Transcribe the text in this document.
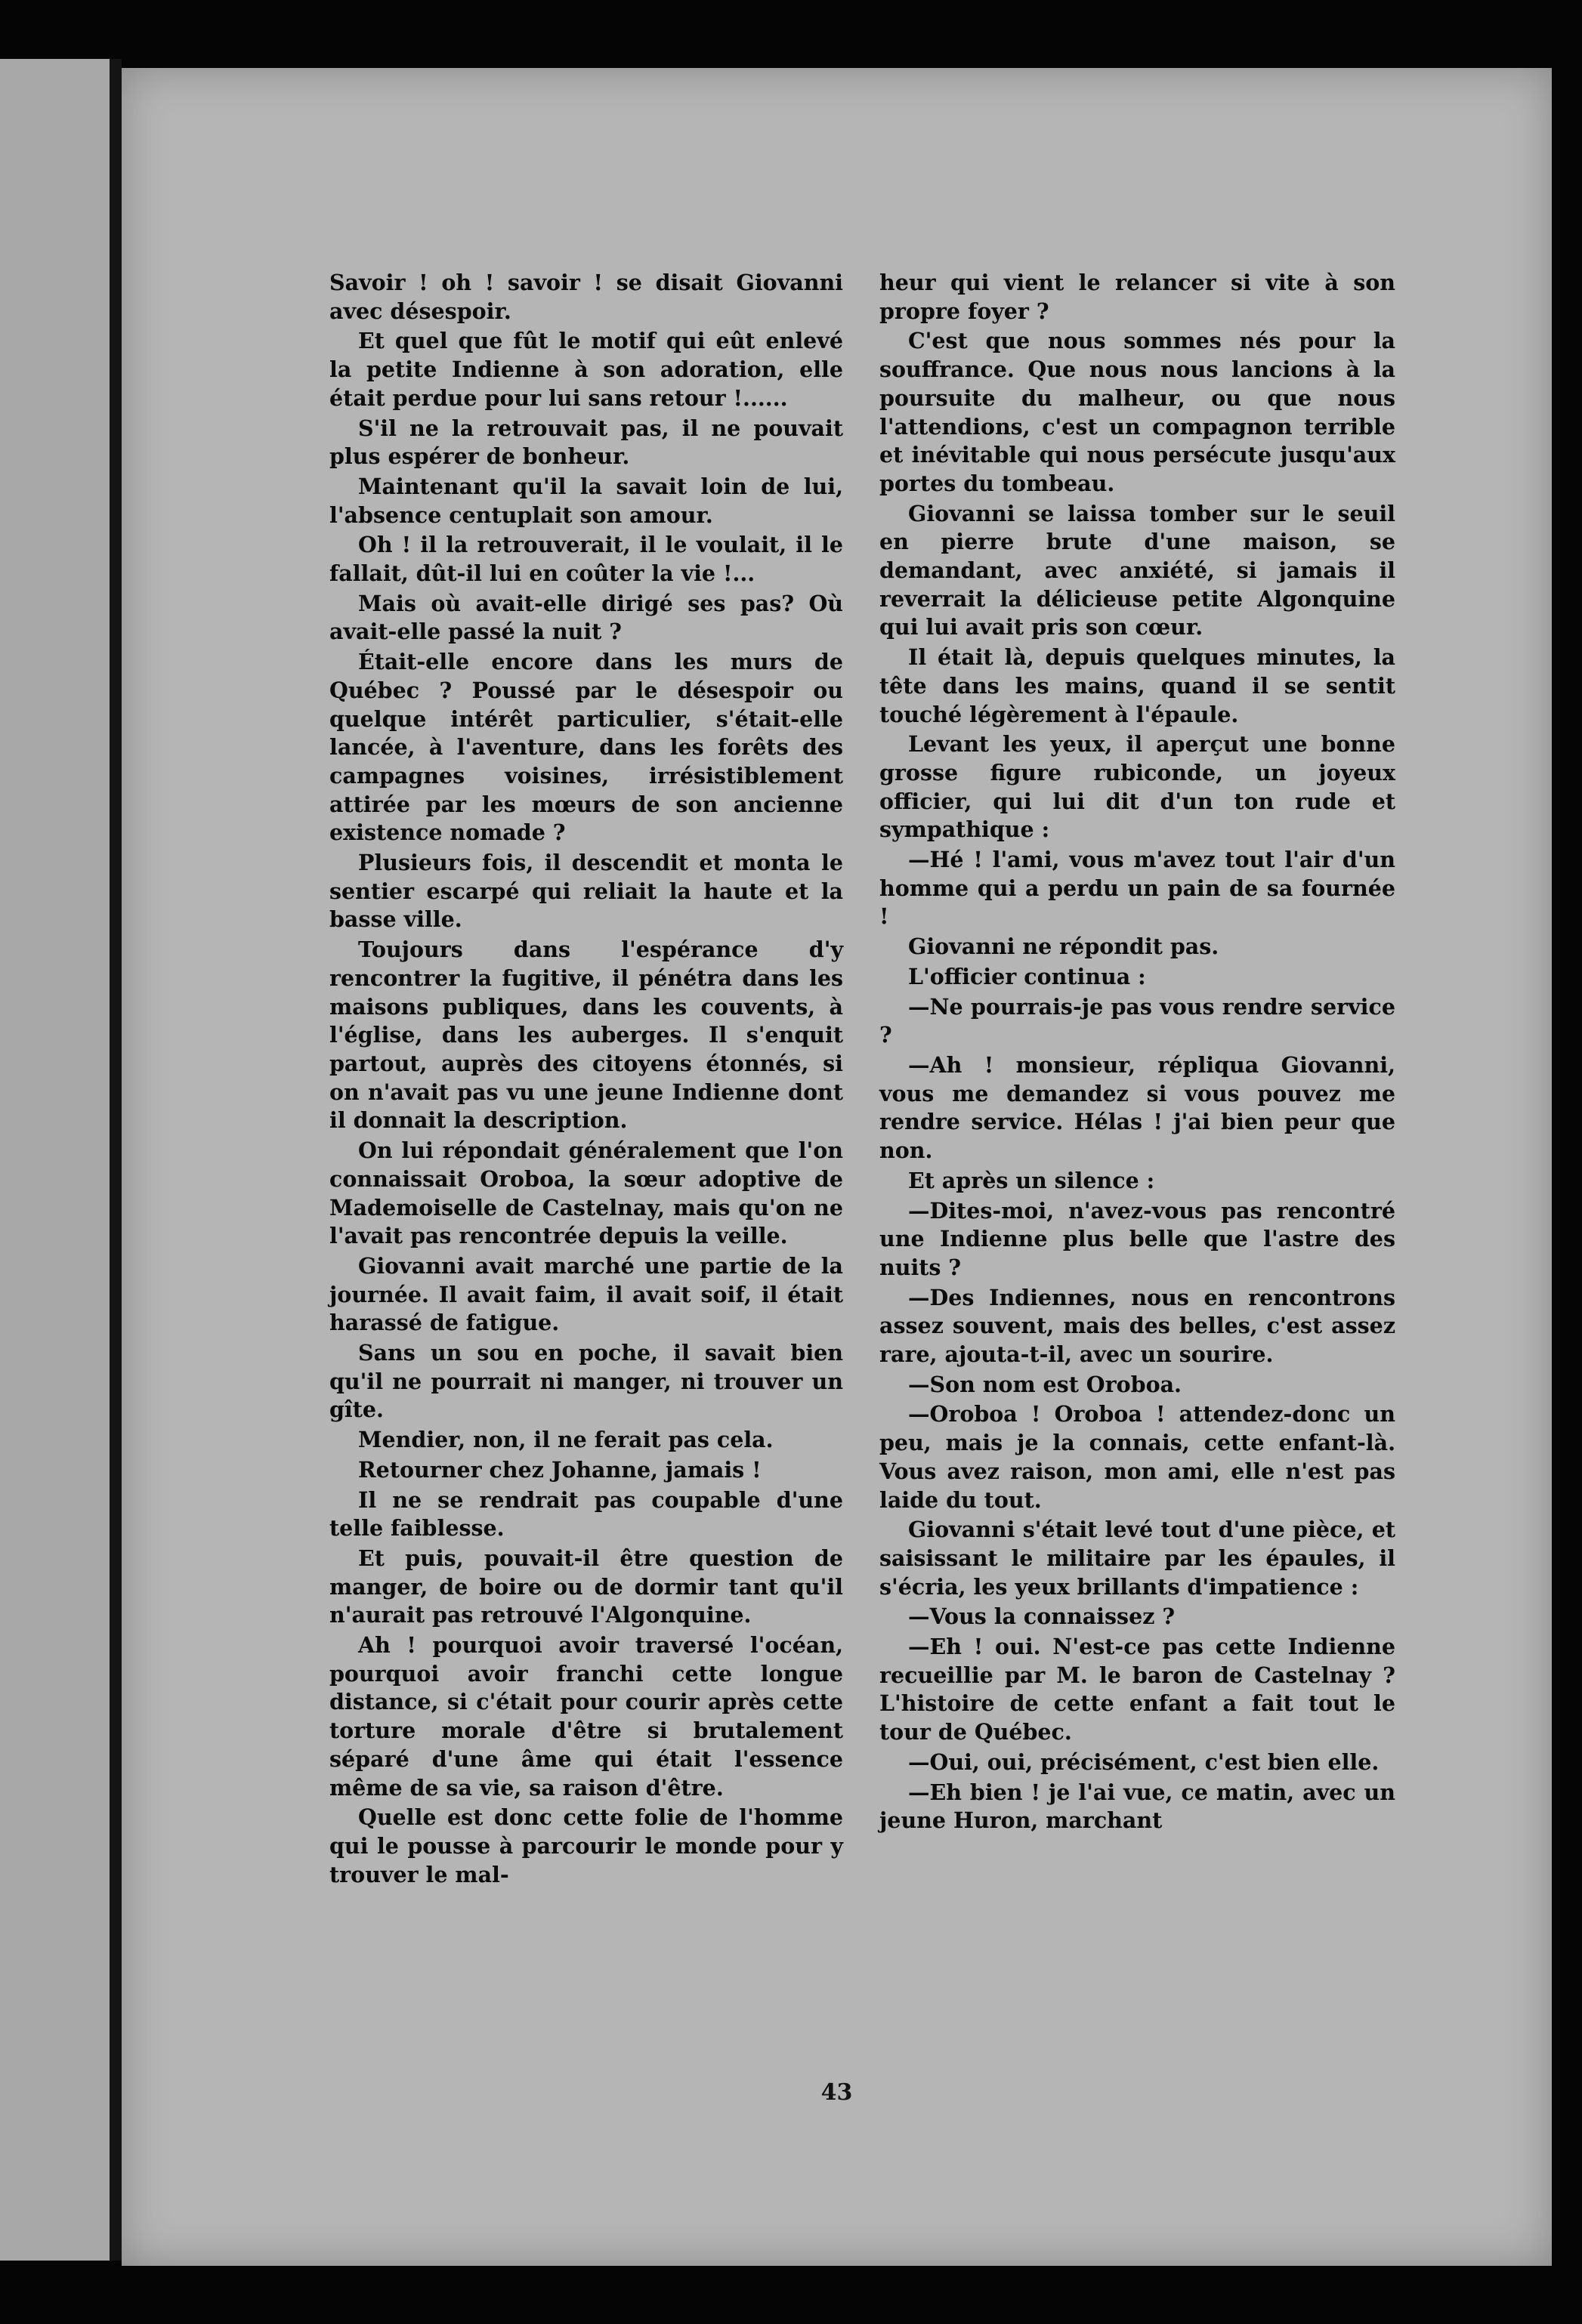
Savoir ! oh ! savoir ! se disait Giovanni avec désespoir.

Et quel que fût le motif qui eût enlevé la petite Indienne à son adoration, elle était perdue pour lui sans retour !......

S'il ne la retrouvait pas, il ne pouvait plus espérer de bonheur.

Maintenant qu'il la savait loin de lui, l'absence centuplait son amour.

Oh ! il la retrouverait, il le voulait, il le fallait, dût-il lui en coûter la vie !...

Mais où avait-elle dirigé ses pas? Où avait-elle passé la nuit ?

Était-elle encore dans les murs de Québec ? Poussé par le désespoir ou quelque intérêt particulier, s'était-elle lancée, à l'aventure, dans les forêts des campagnes voisines, irrésistiblement attirée par les mœurs de son ancienne existence nomade ?

Plusieurs fois, il descendit et monta le sentier escarpé qui reliait la haute et la basse ville.

Toujours dans l'espérance d'y rencontrer la fugitive, il pénétra dans les maisons publiques, dans les couvents, à l'église, dans les auberges. Il s'enquit partout, auprès des citoyens étonnés, si on n'avait pas vu une jeune Indienne dont il donnait la description.

On lui répondait généralement que l'on connaissait Oroboa, la sœur adoptive de Mademoiselle de Castelnay, mais qu'on ne l'avait pas rencontrée depuis la veille.

Giovanni avait marché une partie de la journée. Il avait faim, il avait soif, il était harassé de fatigue.

Sans un sou en poche, il savait bien qu'il ne pourrait ni manger, ni trouver un gîte.

Mendier, non, il ne ferait pas cela.

Retourner chez Johanne, jamais !

Il ne se rendrait pas coupable d'une telle faiblesse.

Et puis, pouvait-il être question de manger, de boire ou de dormir tant qu'il n'aurait pas retrouvé l'Algonquine.

Ah ! pourquoi avoir traversé l'océan, pourquoi avoir franchi cette longue distance, si c'était pour courir après cette torture morale d'être si brutalement séparé d'une âme qui était l'essence même de sa vie, sa raison d'être.

Quelle est donc cette folie de l'homme qui le pousse à parcourir le monde pour y trouver le mal-

heur qui vient le relancer si vite à son propre foyer ?

C'est que nous sommes nés pour la souffrance. Que nous nous lancions à la poursuite du malheur, ou que nous l'attendions, c'est un compagnon terrible et inévitable qui nous persécute jusqu'aux portes du tombeau.

Giovanni se laissa tomber sur le seuil en pierre brute d'une maison, se demandant, avec anxiété, si jamais il reverrait la délicieuse petite Algonquine qui lui avait pris son cœur.

Il était là, depuis quelques minutes, la tête dans les mains, quand il se sentit touché légèrement à l'épaule.

Levant les yeux, il aperçut une bonne grosse figure rubiconde, un joyeux officier, qui lui dit d'un ton rude et sympathique :

—Hé ! l'ami, vous m'avez tout l'air d'un homme qui a perdu un pain de sa fournée !

Giovanni ne répondit pas.

L'officier continua :

—Ne pourrais-je pas vous rendre service ?

—Ah ! monsieur, répliqua Giovanni, vous me demandez si vous pouvez me rendre service. Hélas ! j'ai bien peur que non.

Et après un silence :

—Dites-moi, n'avez-vous pas rencontré une Indienne plus belle que l'astre des nuits ?

—Des Indiennes, nous en rencontrons assez souvent, mais des belles, c'est assez rare, ajouta-t-il, avec un sourire.

—Son nom est Oroboa.

—Oroboa ! Oroboa ! attendez-donc un peu, mais je la connais, cette enfant-là. Vous avez raison, mon ami, elle n'est pas laide du tout.

Giovanni s'était levé tout d'une pièce, et saisissant le militaire par les épaules, il s'écria, les yeux brillants d'impatience :

—Vous la connaissez ?

—Eh ! oui. N'est-ce pas cette Indienne recueillie par M. le baron de Castelnay ? L'histoire de cette enfant a fait tout le tour de Québec.

—Oui, oui, précisément, c'est bien elle.

—Eh bien ! je l'ai vue, ce matin, avec un jeune Huron, marchant

43
